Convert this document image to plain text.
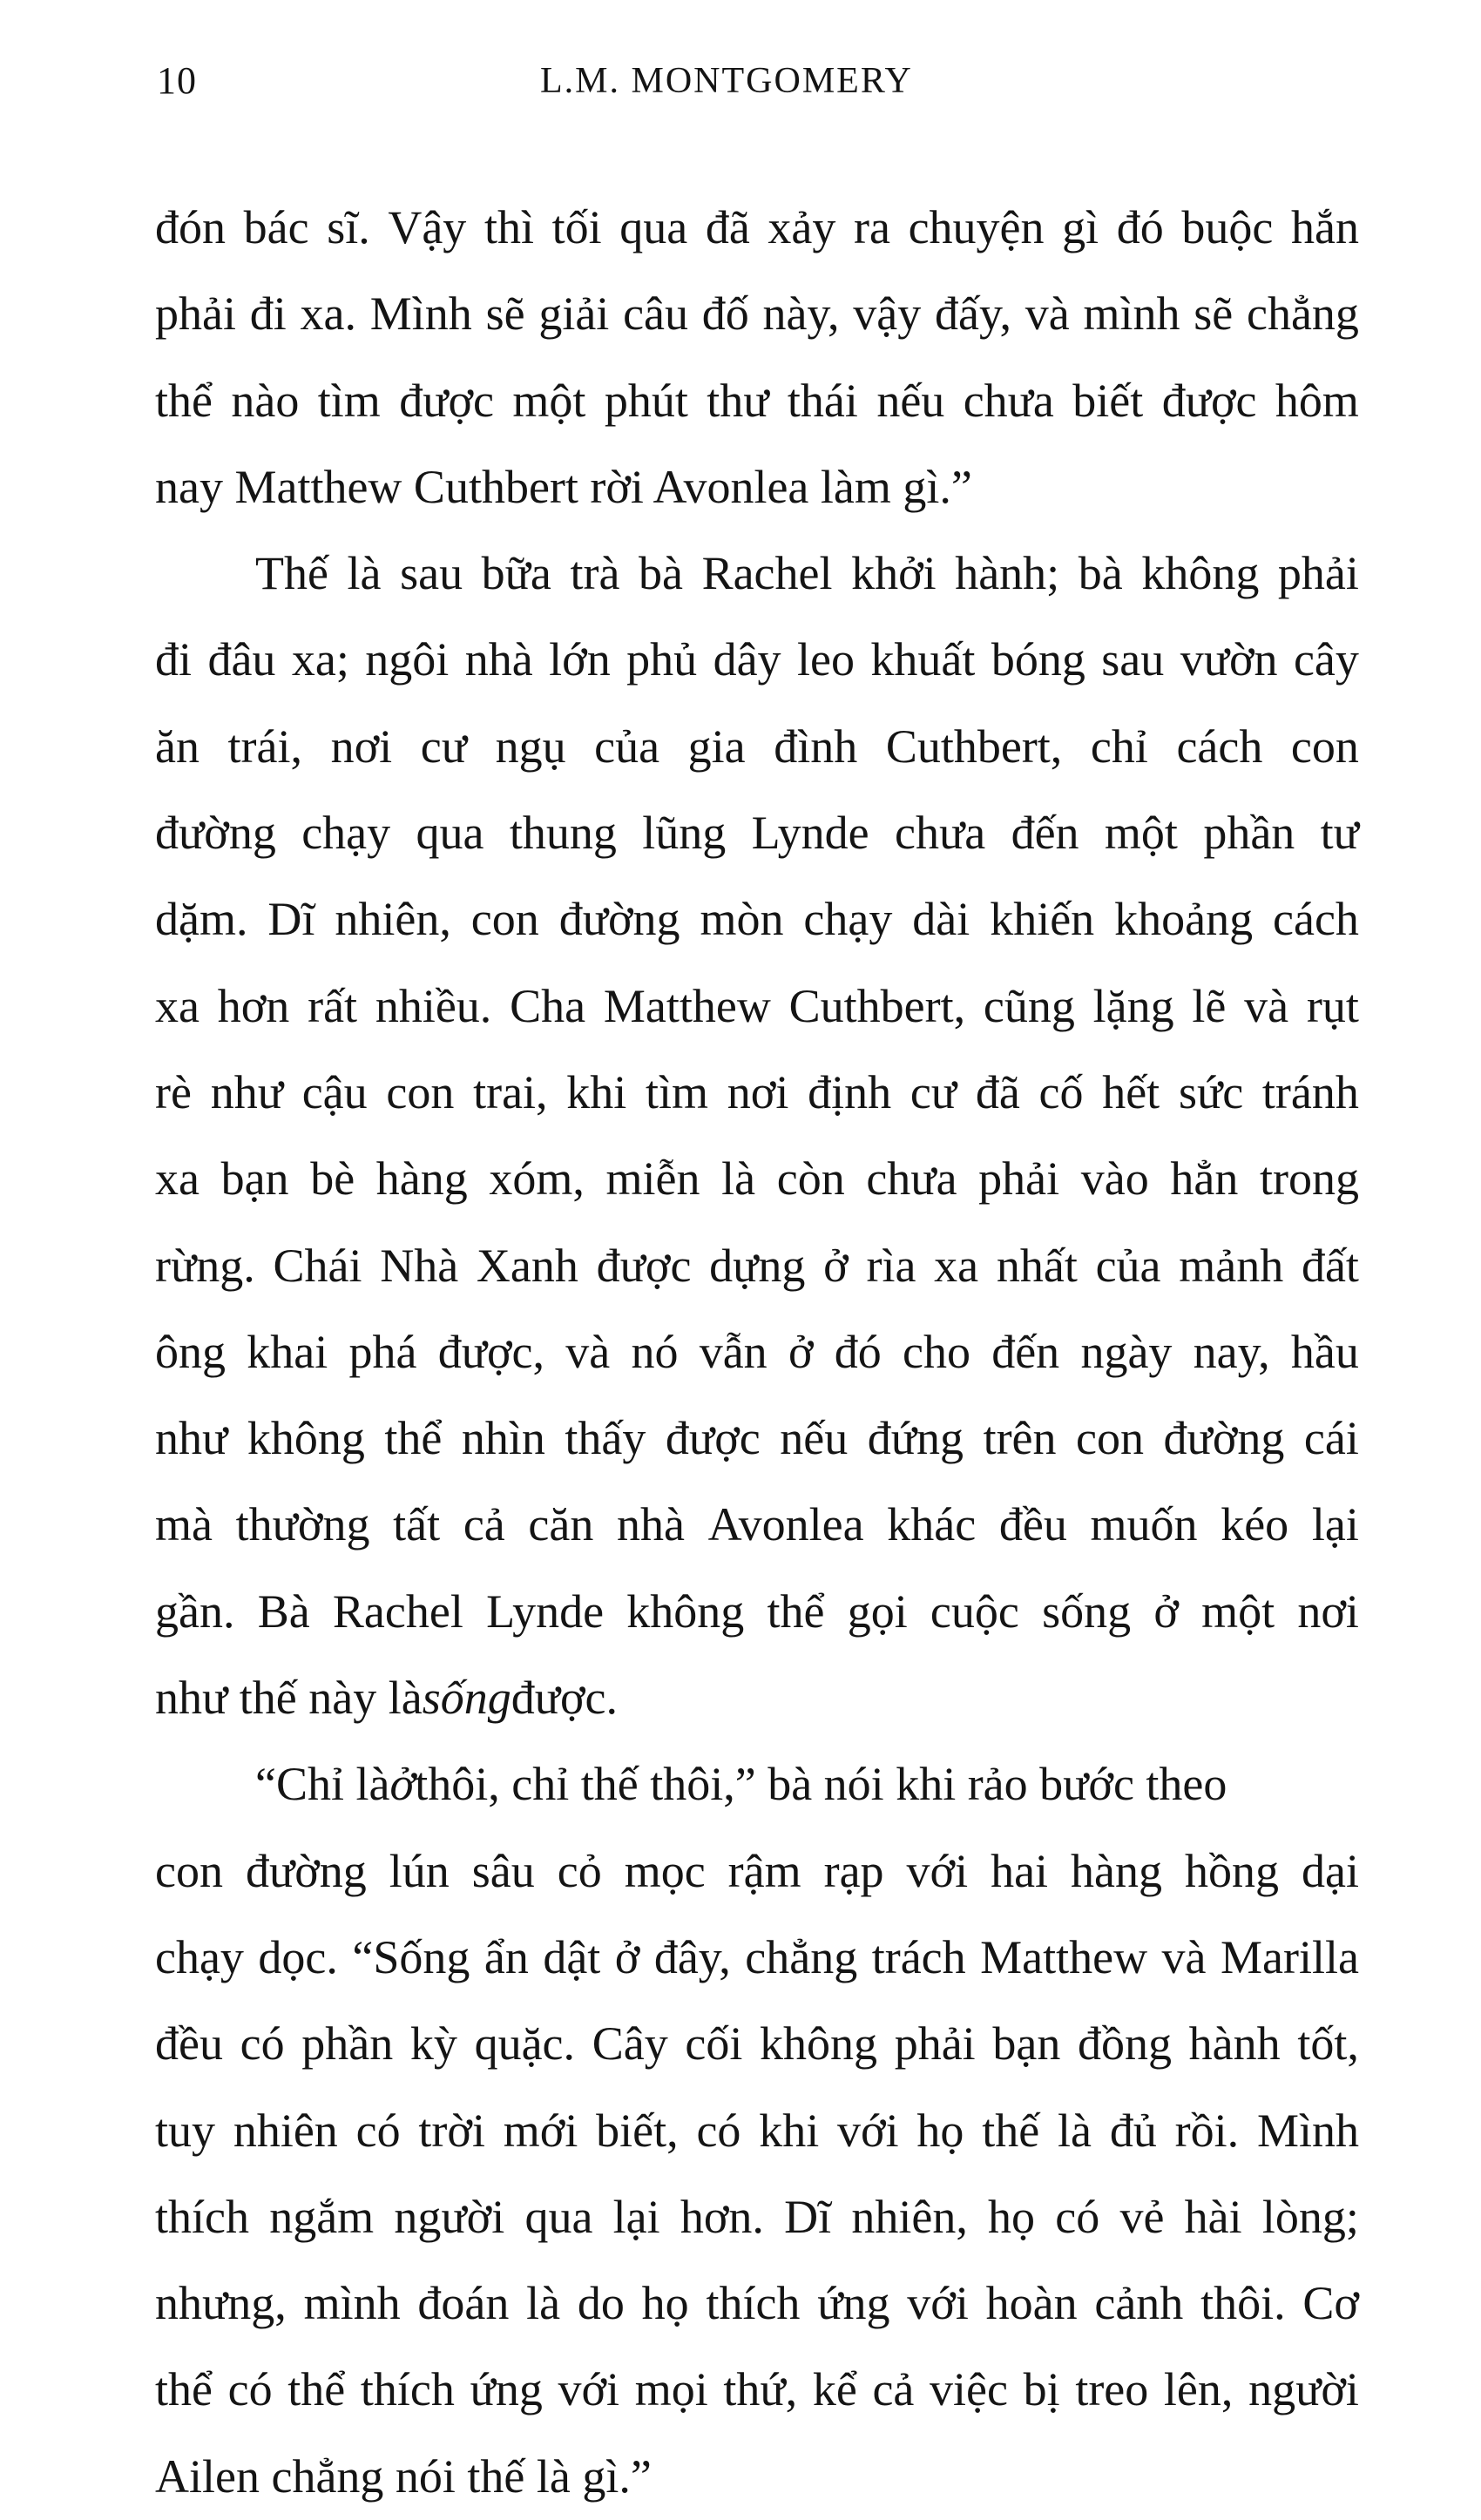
10	L.M. MONTGOMERY
đón bác sĩ. Vậy thì tối qua đã xảy ra chuyện gì đó buộc hắn
phải đi xa. Mình sẽ giải câu đố này, vậy đấy, và mình sẽ chẳng
thể nào tìm được một phút thư thái nếu chưa biết được hôm
nay Matthew Cuthbert rời Avonlea làm gì.”
Thế là sau bữa trà bà Rachel khởi hành; bà không phải
đi đâu xa; ngôi nhà lớn phủ dây leo khuất bóng sau vườn cây
ăn trái, nơi cư ngụ của gia đình Cuthbert, chỉ cách con
đường chạy qua thung lũng Lynde chưa đến một phần tư
dặm. Dĩ nhiên, con đường mòn chạy dài khiến khoảng cách
xa hơn rất nhiều. Cha Matthew Cuthbert, cũng lặng lẽ và rụt
rè như cậu con trai, khi tìm nơi định cư đã cố hết sức tránh
xa bạn bè hàng xóm, miễn là còn chưa phải vào hẳn trong
rừng. Chái Nhà Xanh được dựng ở rìa xa nhất của mảnh đất
ông khai phá được, và nó vẫn ở đó cho đến ngày nay, hầu
như không thể nhìn thấy được nếu đứng trên con đường cái
mà thường tất cả căn nhà Avonlea khác đều muốn kéo lại
gần. Bà Rachel Lynde không thể gọi cuộc sống ở một nơi
như thế này là sống được.
“Chỉ là ở thôi, chỉ thế thôi,” bà nói khi rảo bước theo
con đường lún sâu cỏ mọc rậm rạp với hai hàng hồng dại
chạy dọc. “Sống ẩn dật ở đây, chẳng trách Matthew và Marilla
đều có phần kỳ quặc. Cây cối không phải bạn đồng hành tốt,
tuy nhiên có trời mới biết, có khi với họ thế là đủ rồi. Mình
thích ngắm người qua lại hơn. Dĩ nhiên, họ có vẻ hài lòng;
nhưng, mình đoán là do họ thích ứng với hoàn cảnh thôi. Cơ
thể có thể thích ứng với mọi thứ, kể cả việc bị treo lên, người
Ailen chẳng nói thế là gì.”
